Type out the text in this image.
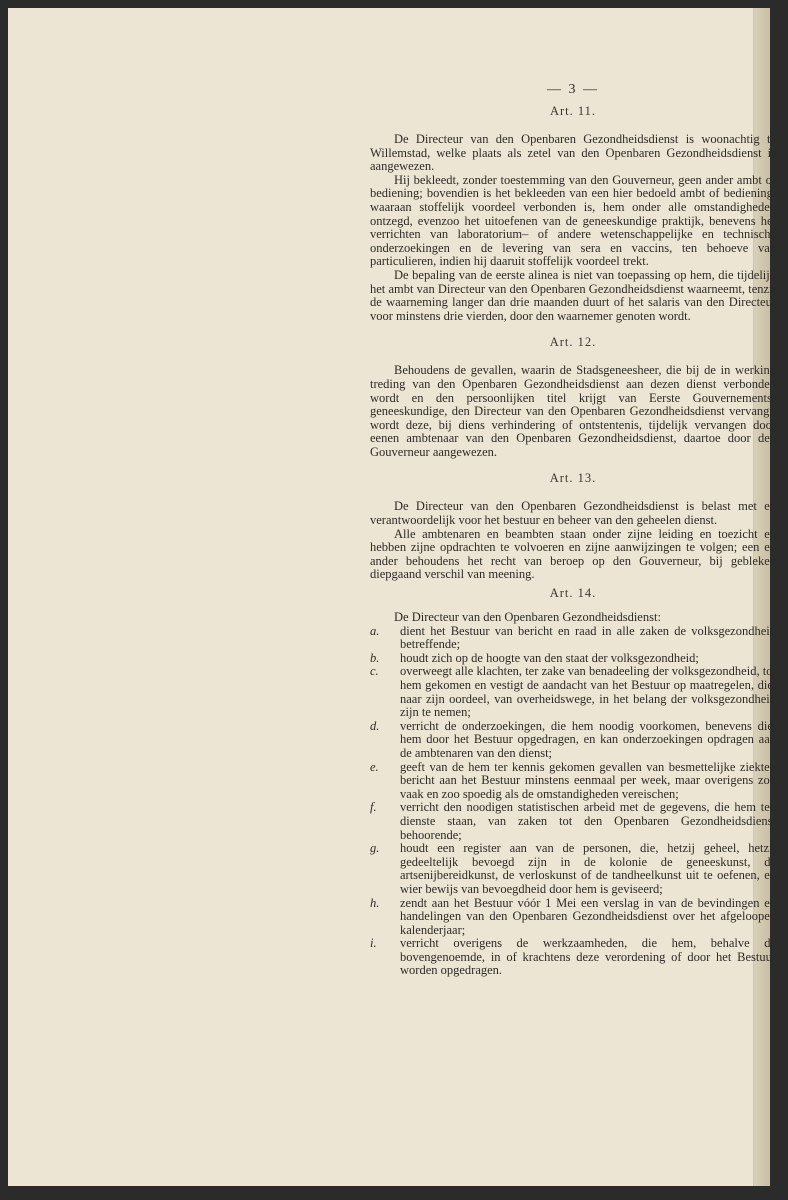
— 3 —
Art. 11.

De Directeur van den Openbaren Gezondheidsdienst is woonachtig te Willemstad, welke plaats als zetel van den Openbaren Gezondheidsdienst is aangewezen.

Hij bekleedt, zonder toestemming van den Gouverneur, geen ander ambt of bediening; bovendien is het bekleeden van een hier bedoeld ambt of bediening, waaraan stoffelijk voordeel verbonden is, hem onder alle omstandigheden ontzegd, evenzoo het uitoefenen van de geneeskundige praktijk, benevens het verrichten van laboratorium– of andere wetenschappelijke en technische onderzoekingen en de levering van sera en vaccins, ten behoeve van particulieren, indien hij daaruit stoffelijk voordeel trekt.

De bepaling van de eerste alinea is niet van toepassing op hem, die tijdelijk het ambt van Directeur van den Openbaren Gezondheidsdienst waarneemt, tenzij de waarneming langer dan drie maanden duurt of het salaris van den Directeur voor minstens drie vierden, door den waarnemer genoten wordt.

Art. 12.

Behoudens de gevallen, waarin de Stadsgeneesheer, die bij de in werking treding van den Openbaren Gezondheidsdienst aan dezen dienst verbonden wordt en den persoonlijken titel krijgt van Eerste Gouvernements-geneeskundige, den Directeur van den Openbaren Gezondheidsdienst vervangt, wordt deze, bij diens verhindering of ontstentenis, tijdelijk vervangen door eenen ambtenaar van den Openbaren Gezondheidsdienst, daartoe door den Gouverneur aangewezen.

Art. 13.

De Directeur van den Openbaren Gezondheidsdienst is belast met en verantwoordelijk voor het bestuur en beheer van den geheelen dienst.

Alle ambtenaren en beambten staan onder zijne leiding en toezicht en hebben zijne opdrachten te volvoeren en zijne aanwijzingen te volgen; een en ander behoudens het recht van beroep op den Gouverneur, bij gebleken diepgaand verschil van meening.

Art. 14.

De Directeur van den Openbaren Gezondheidsdienst:

a. dient het Bestuur van bericht en raad in alle zaken de volksgezondheid betreffende;
b. houdt zich op de hoogte van den staat der volksgezondheid;
c. overweegt alle klachten, ter zake van benadeeling der volksgezondheid, tot hem gekomen en vestigt de aandacht van het Bestuur op maatregelen, die, naar zijn oordeel, van overheidswege, in het belang der volksgezondheid zijn te nemen;
d. verricht de onderzoekingen, die hem noodig voorkomen, benevens die, hem door het Bestuur opgedragen, en kan onderzoekingen opdragen aan de ambtenaren van den dienst;
e. geeft van de hem ter kennis gekomen gevallen van besmettelijke ziekten bericht aan het Bestuur minstens eenmaal per week, maar overigens zoo vaak en zoo spoedig als de omstandigheden vereischen;
f. verricht den noodigen statistischen arbeid met de gegevens, die hem ten dienste staan, van zaken tot den Openbaren Gezondheidsdienst behoorende;
g. houdt een register aan van de personen, die, hetzij geheel, hetzij gedeeltelijk bevoegd zijn in de kolonie de geneeskunst, de artsenijbereidkunst, de verloskunst of de tandheelkunst uit te oefenen, en wier bewijs van bevoegdheid door hem is geviseerd;
h. zendt aan het Bestuur vóór 1 Mei een verslag in van de bevindingen en handelingen van den Openbaren Gezondheidsdienst over het afgeloopen kalenderjaar;
i. verricht overigens de werkzaamheden, die hem, behalve de bovengenoemde, in of krachtens deze verordening of door het Bestuur worden opgedragen.
